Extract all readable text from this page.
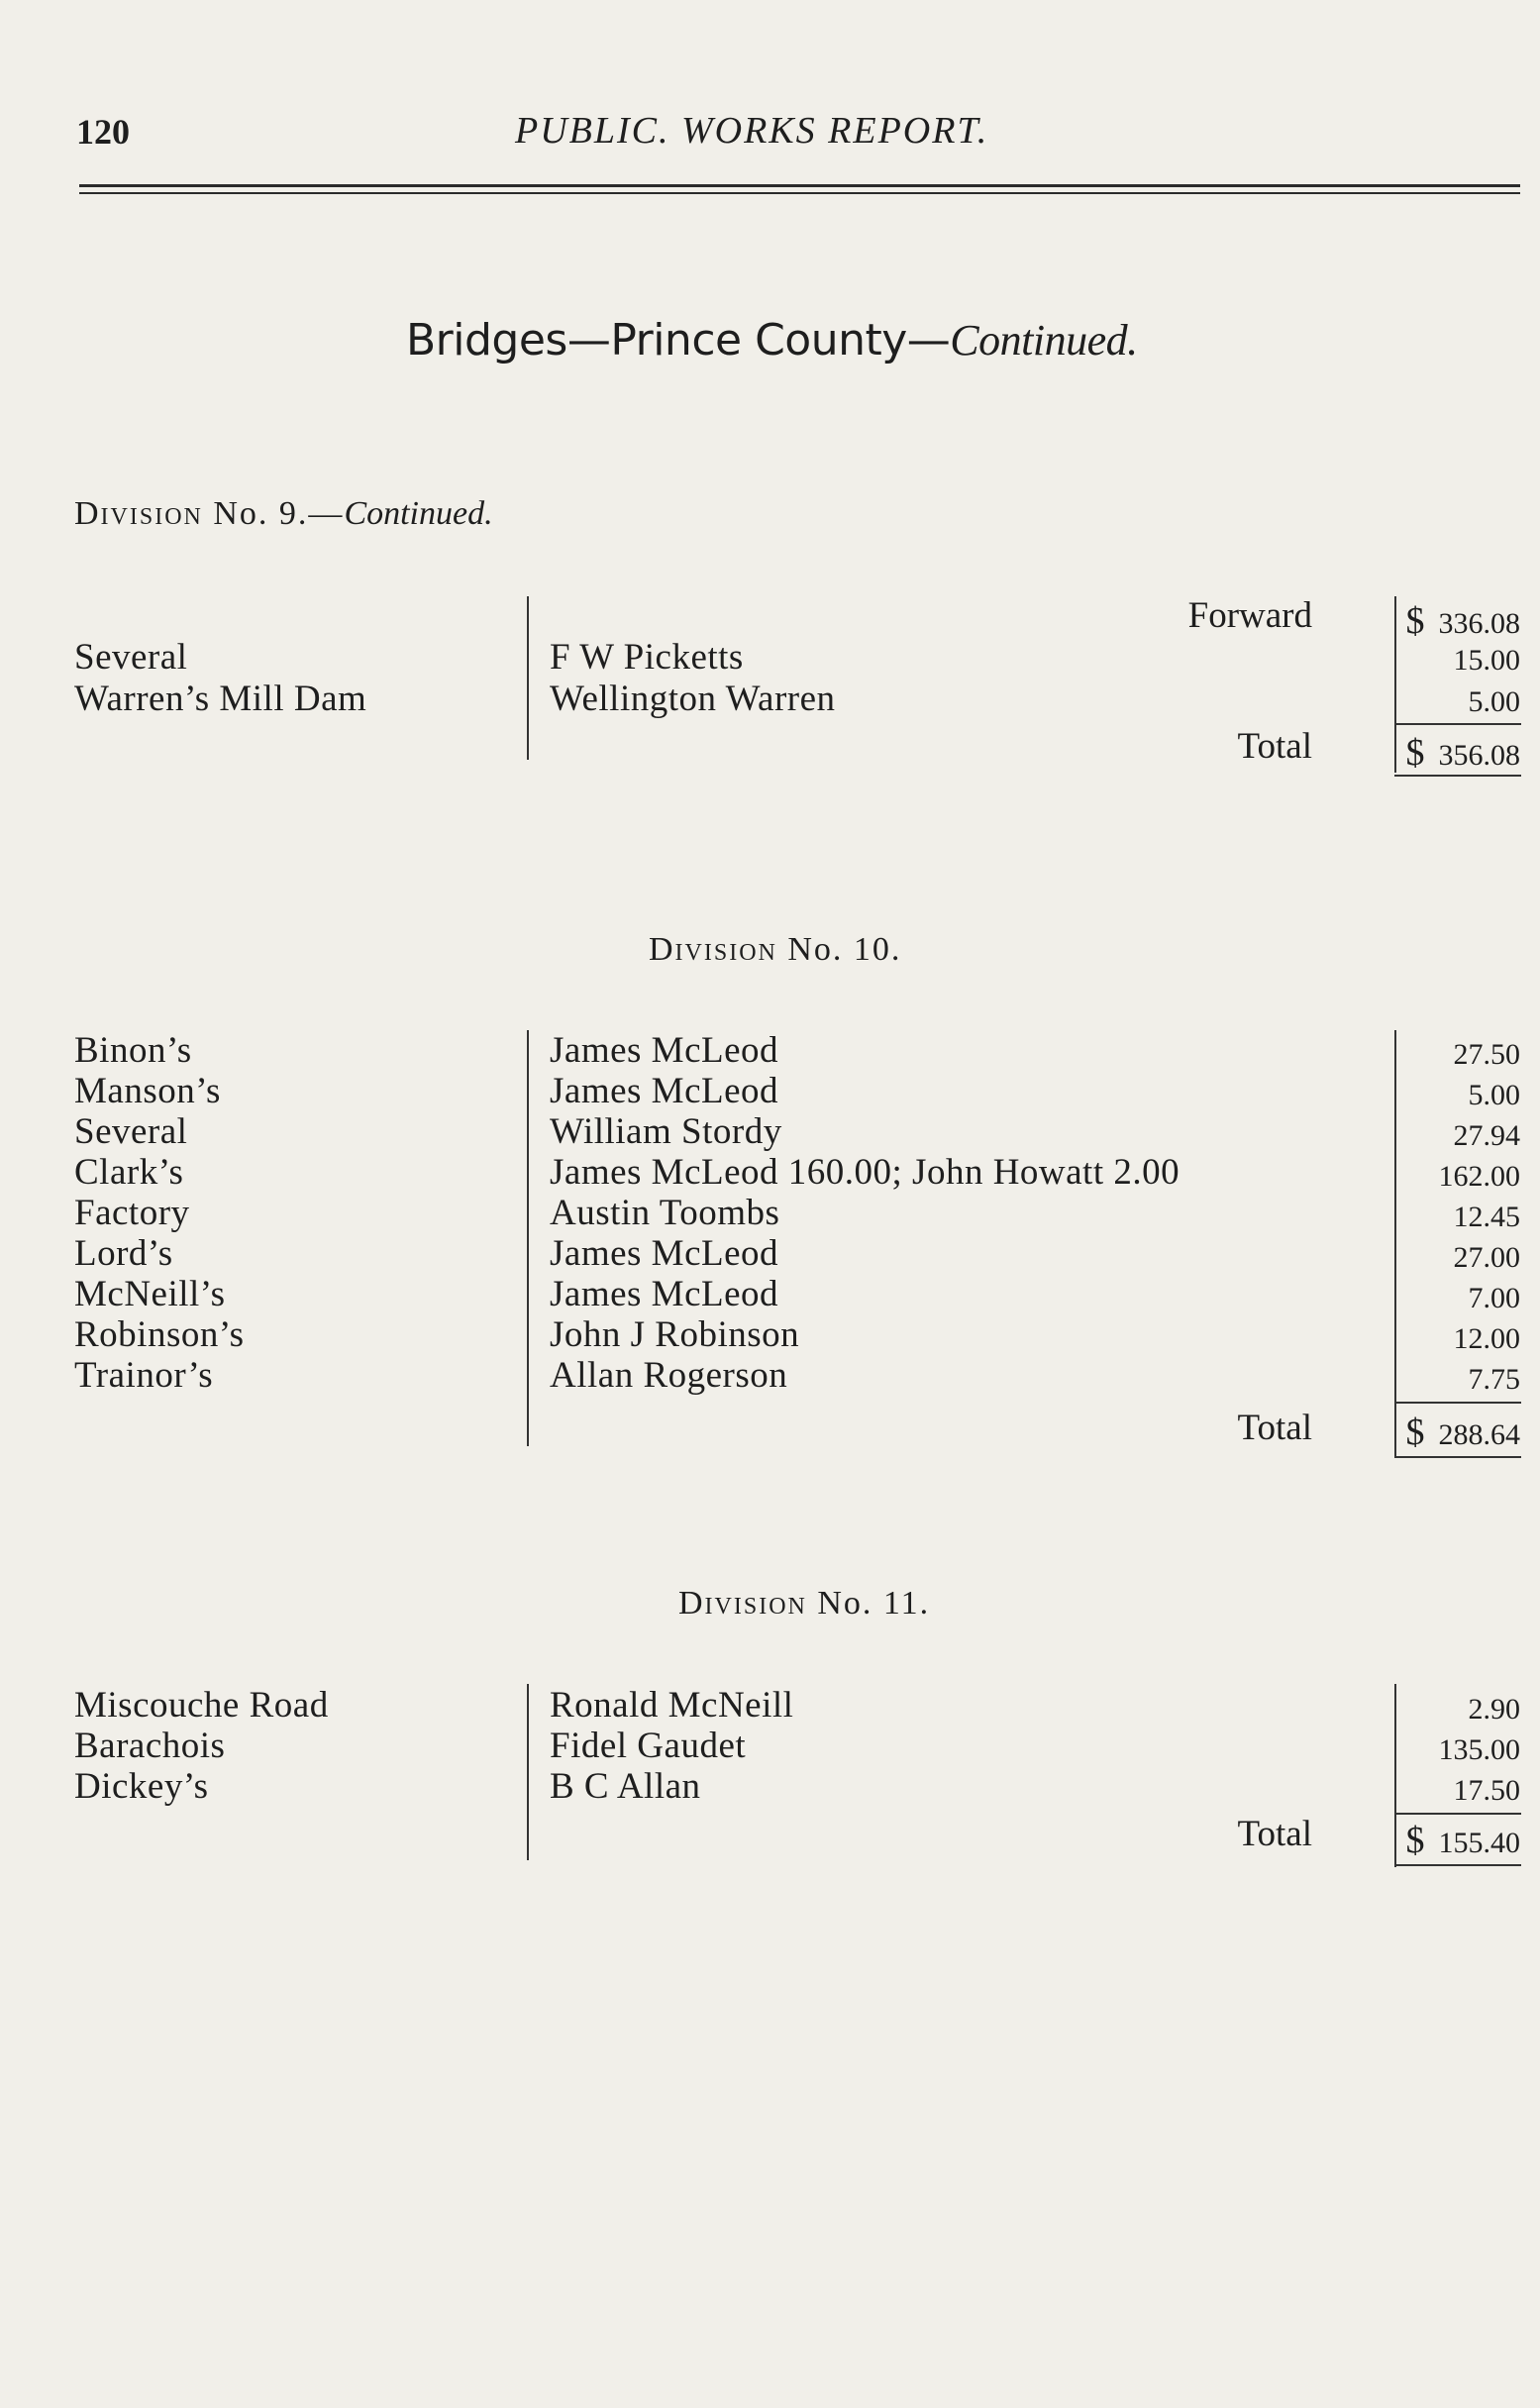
120	PUBLIC. WORKS REPORT.
Bridges—Prince County—Continued.
Division No. 9.—Continued.
Forward $ 336.08
Several	F W Picketts	15.00
Warren’s Mill Dam	Wellington Warren	5.00
Total $ 356.08
Division No. 10.
Binon’s	James McLeod	27.50
Manson’s	James McLeod	5.00
Several	William Stordy	27.94
Clark’s	James McLeod 160.00; John Howatt 2.00	162.00
Factory	Austin Toombs	12.45
Lord’s	James McLeod	27.00
McNeill’s	James McLeod	7.00
Robinson’s	John J Robinson	12.00
Trainor’s	Allan Rogerson	7.75
Total $ 288.64
Division No. 11.
Miscouche Road	Ronald McNeill	2.90
Barachois	Fidel Gaudet	135.00
Dickey’s	B C Allan	17.50
Total $ 155.40
